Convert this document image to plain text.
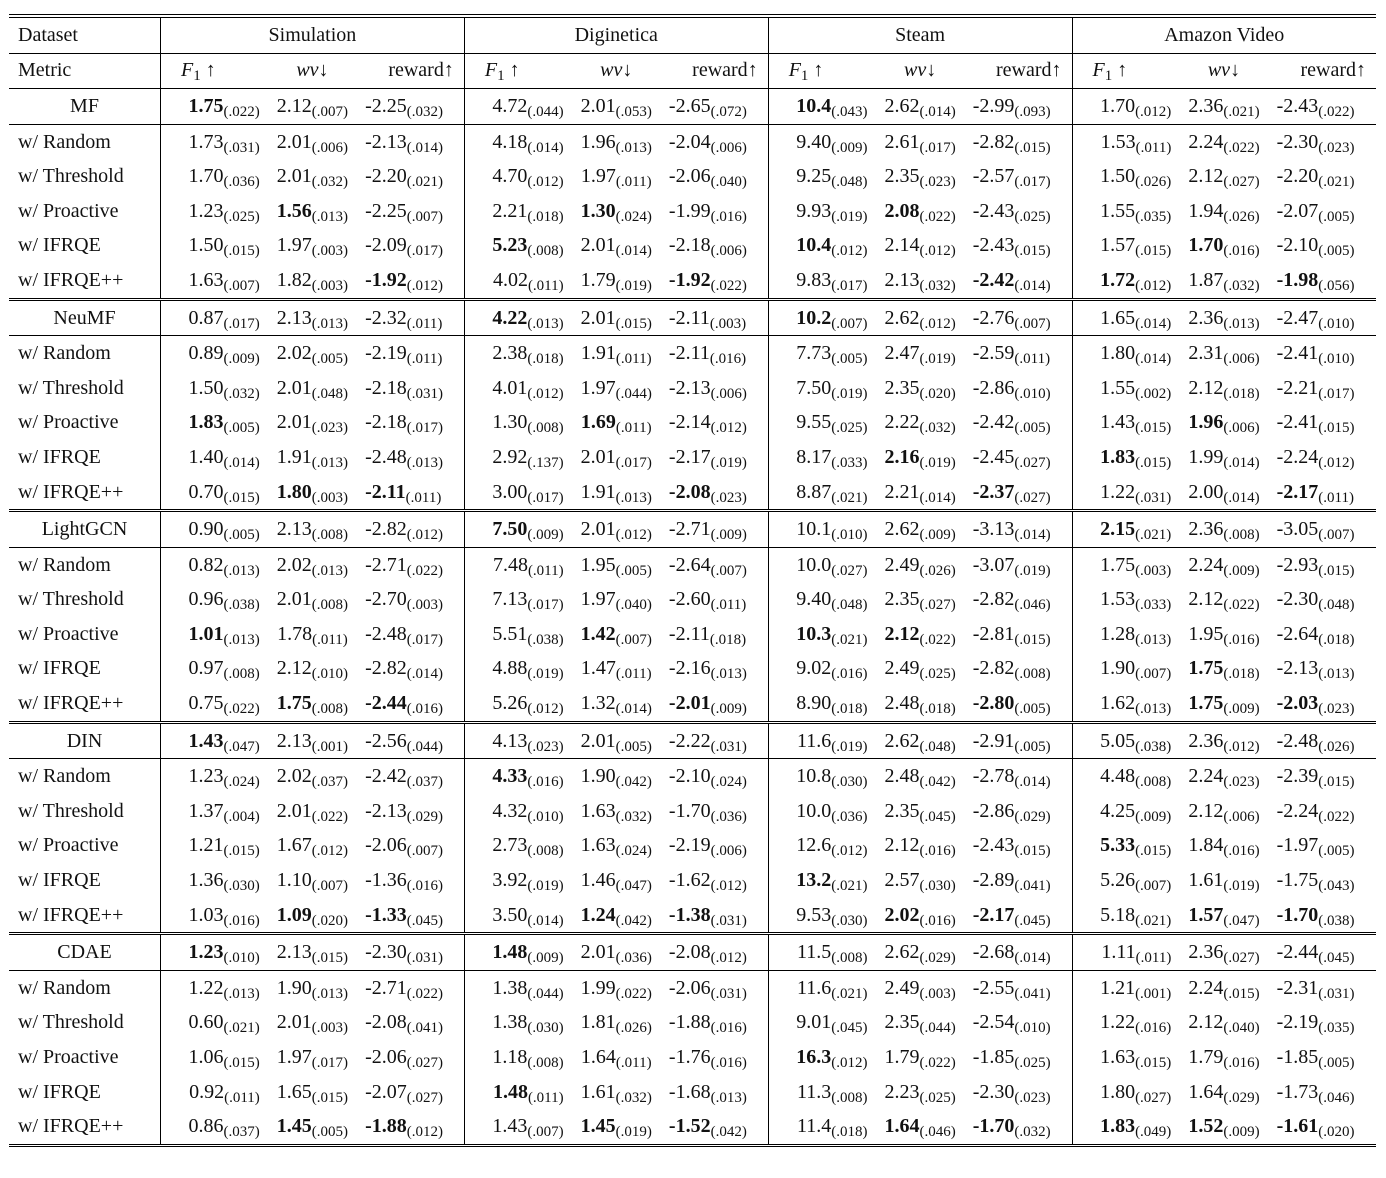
Dataset	Simulation			Diginetica			Steam			Amazon Video		
Metric	$F_1$ ↑	wv↓	reward↑	$F_1$ ↑	wv↓	reward↑	$F_1$ ↑	wv↓	reward↑	$F_1$ ↑	wv↓	reward↑
MF	$1.75_{(.022)}$	$2.12_{(.007)}$	$-2.25_{(.032)}$	$4.72_{(.044)}$	$2.01_{(.053)}$	$-2.65_{(.072)}$	$10.4_{(.043)}$	$2.62_{(.014)}$	$-2.99_{(.093)}$	$1.70_{(.012)}$	$2.36_{(.021)}$	$-2.43_{(.022)}$
w/ Random	$1.73_{(.031)}$	$2.01_{(.006)}$	$-2.13_{(.014)}$	$4.18_{(.014)}$	$1.96_{(.013)}$	$-2.04_{(.006)}$	$9.40_{(.009)}$	$2.61_{(.017)}$	$-2.82_{(.015)}$	$1.53_{(.011)}$	$2.24_{(.022)}$	$-2.30_{(.023)}$
w/ Threshold	$1.70_{(.036)}$	$2.01_{(.032)}$	$-2.20_{(.021)}$	$4.70_{(.012)}$	$1.97_{(.011)}$	$-2.06_{(.040)}$	$9.25_{(.048)}$	$2.35_{(.023)}$	$-2.57_{(.017)}$	$1.50_{(.026)}$	$2.12_{(.027)}$	$-2.20_{(.021)}$
w/ Proactive	$1.23_{(.025)}$	$1.56_{(.013)}$	$-2.25_{(.007)}$	$2.21_{(.018)}$	$1.30_{(.024)}$	$-1.99_{(.016)}$	$9.93_{(.019)}$	$2.08_{(.022)}$	$-2.43_{(.025)}$	$1.55_{(.035)}$	$1.94_{(.026)}$	$-2.07_{(.005)}$
w/ IFRQE	$1.50_{(.015)}$	$1.97_{(.003)}$	$-2.09_{(.017)}$	$5.23_{(.008)}$	$2.01_{(.014)}$	$-2.18_{(.006)}$	$10.4_{(.012)}$	$2.14_{(.012)}$	$-2.43_{(.015)}$	$1.57_{(.015)}$	$1.70_{(.016)}$	$-2.10_{(.005)}$
w/ IFRQE++	$1.63_{(.007)}$	$1.82_{(.003)}$	$-1.92_{(.012)}$	$4.02_{(.011)}$	$1.79_{(.019)}$	$-1.92_{(.022)}$	$9.83_{(.017)}$	$2.13_{(.032)}$	$-2.42_{(.014)}$	$1.72_{(.012)}$	$1.87_{(.032)}$	$-1.98_{(.056)}$
NeuMF	$0.87_{(.017)}$	$2.13_{(.013)}$	$-2.32_{(.011)}$	$4.22_{(.013)}$	$2.01_{(.015)}$	$-2.11_{(.003)}$	$10.2_{(.007)}$	$2.62_{(.012)}$	$-2.76_{(.007)}$	$1.65_{(.014)}$	$2.36_{(.013)}$	$-2.47_{(.010)}$
w/ Random	$0.89_{(.009)}$	$2.02_{(.005)}$	$-2.19_{(.011)}$	$2.38_{(.018)}$	$1.91_{(.011)}$	$-2.11_{(.016)}$	$7.73_{(.005)}$	$2.47_{(.019)}$	$-2.59_{(.011)}$	$1.80_{(.014)}$	$2.31_{(.006)}$	$-2.41_{(.010)}$
w/ Threshold	$1.50_{(.032)}$	$2.01_{(.048)}$	$-2.18_{(.031)}$	$4.01_{(.012)}$	$1.97_{(.044)}$	$-2.13_{(.006)}$	$7.50_{(.019)}$	$2.35_{(.020)}$	$-2.86_{(.010)}$	$1.55_{(.002)}$	$2.12_{(.018)}$	$-2.21_{(.017)}$
w/ Proactive	$1.83_{(.005)}$	$2.01_{(.023)}$	$-2.18_{(.017)}$	$1.30_{(.008)}$	$1.69_{(.011)}$	$-2.14_{(.012)}$	$9.55_{(.025)}$	$2.22_{(.032)}$	$-2.42_{(.005)}$	$1.43_{(.015)}$	$1.96_{(.006)}$	$-2.41_{(.015)}$
w/ IFRQE	$1.40_{(.014)}$	$1.91_{(.013)}$	$-2.48_{(.013)}$	$2.92_{(.137)}$	$2.01_{(.017)}$	$-2.17_{(.019)}$	$8.17_{(.033)}$	$2.16_{(.019)}$	$-2.45_{(.027)}$	$1.83_{(.015)}$	$1.99_{(.014)}$	$-2.24_{(.012)}$
w/ IFRQE++	$0.70_{(.015)}$	$1.80_{(.003)}$	$-2.11_{(.011)}$	$3.00_{(.017)}$	$1.91_{(.013)}$	$-2.08_{(.023)}$	$8.87_{(.021)}$	$2.21_{(.014)}$	$-2.37_{(.027)}$	$1.22_{(.031)}$	$2.00_{(.014)}$	$-2.17_{(.011)}$
LightGCN	$0.90_{(.005)}$	$2.13_{(.008)}$	$-2.82_{(.012)}$	$7.50_{(.009)}$	$2.01_{(.012)}$	$-2.71_{(.009)}$	$10.1_{(.010)}$	$2.62_{(.009)}$	$-3.13_{(.014)}$	$2.15_{(.021)}$	$2.36_{(.008)}$	$-3.05_{(.007)}$
w/ Random	$0.82_{(.013)}$	$2.02_{(.013)}$	$-2.71_{(.022)}$	$7.48_{(.011)}$	$1.95_{(.005)}$	$-2.64_{(.007)}$	$10.0_{(.027)}$	$2.49_{(.026)}$	$-3.07_{(.019)}$	$1.75_{(.003)}$	$2.24_{(.009)}$	$-2.93_{(.015)}$
w/ Threshold	$0.96_{(.038)}$	$2.01_{(.008)}$	$-2.70_{(.003)}$	$7.13_{(.017)}$	$1.97_{(.040)}$	$-2.60_{(.011)}$	$9.40_{(.048)}$	$2.35_{(.027)}$	$-2.82_{(.046)}$	$1.53_{(.033)}$	$2.12_{(.022)}$	$-2.30_{(.048)}$
w/ Proactive	$1.01_{(.013)}$	$1.78_{(.011)}$	$-2.48_{(.017)}$	$5.51_{(.038)}$	$1.42_{(.007)}$	$-2.11_{(.018)}$	$10.3_{(.021)}$	$2.12_{(.022)}$	$-2.81_{(.015)}$	$1.28_{(.013)}$	$1.95_{(.016)}$	$-2.64_{(.018)}$
w/ IFRQE	$0.97_{(.008)}$	$2.12_{(.010)}$	$-2.82_{(.014)}$	$4.88_{(.019)}$	$1.47_{(.011)}$	$-2.16_{(.013)}$	$9.02_{(.016)}$	$2.49_{(.025)}$	$-2.82_{(.008)}$	$1.90_{(.007)}$	$1.75_{(.018)}$	$-2.13_{(.013)}$
w/ IFRQE++	$0.75_{(.022)}$	$1.75_{(.008)}$	$-2.44_{(.016)}$	$5.26_{(.012)}$	$1.32_{(.014)}$	$-2.01_{(.009)}$	$8.90_{(.018)}$	$2.48_{(.018)}$	$-2.80_{(.005)}$	$1.62_{(.013)}$	$1.75_{(.009)}$	$-2.03_{(.023)}$
DIN	$1.43_{(.047)}$	$2.13_{(.001)}$	$-2.56_{(.044)}$	$4.13_{(.023)}$	$2.01_{(.005)}$	$-2.22_{(.031)}$	$11.6_{(.019)}$	$2.62_{(.048)}$	$-2.91_{(.005)}$	$5.05_{(.038)}$	$2.36_{(.012)}$	$-2.48_{(.026)}$
w/ Random	$1.23_{(.024)}$	$2.02_{(.037)}$	$-2.42_{(.037)}$	$4.33_{(.016)}$	$1.90_{(.042)}$	$-2.10_{(.024)}$	$10.8_{(.030)}$	$2.48_{(.042)}$	$-2.78_{(.014)}$	$4.48_{(.008)}$	$2.24_{(.023)}$	$-2.39_{(.015)}$
w/ Threshold	$1.37_{(.004)}$	$2.01_{(.022)}$	$-2.13_{(.029)}$	$4.32_{(.010)}$	$1.63_{(.032)}$	$-1.70_{(.036)}$	$10.0_{(.036)}$	$2.35_{(.045)}$	$-2.86_{(.029)}$	$4.25_{(.009)}$	$2.12_{(.006)}$	$-2.24_{(.022)}$
w/ Proactive	$1.21_{(.015)}$	$1.67_{(.012)}$	$-2.06_{(.007)}$	$2.73_{(.008)}$	$1.63_{(.024)}$	$-2.19_{(.006)}$	$12.6_{(.012)}$	$2.12_{(.016)}$	$-2.43_{(.015)}$	$5.33_{(.015)}$	$1.84_{(.016)}$	$-1.97_{(.005)}$
w/ IFRQE	$1.36_{(.030)}$	$1.10_{(.007)}$	$-1.36_{(.016)}$	$3.92_{(.019)}$	$1.46_{(.047)}$	$-1.62_{(.012)}$	$13.2_{(.021)}$	$2.57_{(.030)}$	$-2.89_{(.041)}$	$5.26_{(.007)}$	$1.61_{(.019)}$	$-1.75_{(.043)}$
w/ IFRQE++	$1.03_{(.016)}$	$1.09_{(.020)}$	$-1.33_{(.045)}$	$3.50_{(.014)}$	$1.24_{(.042)}$	$-1.38_{(.031)}$	$9.53_{(.030)}$	$2.02_{(.016)}$	$-2.17_{(.045)}$	$5.18_{(.021)}$	$1.57_{(.047)}$	$-1.70_{(.038)}$
CDAE	$1.23_{(.010)}$	$2.13_{(.015)}$	$-2.30_{(.031)}$	$1.48_{(.009)}$	$2.01_{(.036)}$	$-2.08_{(.012)}$	$11.5_{(.008)}$	$2.62_{(.029)}$	$-2.68_{(.014)}$	$1.11_{(.011)}$	$2.36_{(.027)}$	$-2.44_{(.045)}$
w/ Random	$1.22_{(.013)}$	$1.90_{(.013)}$	$-2.71_{(.022)}$	$1.38_{(.044)}$	$1.99_{(.022)}$	$-2.06_{(.031)}$	$11.6_{(.021)}$	$2.49_{(.003)}$	$-2.55_{(.041)}$	$1.21_{(.001)}$	$2.24_{(.015)}$	$-2.31_{(.031)}$
w/ Threshold	$0.60_{(.021)}$	$2.01_{(.003)}$	$-2.08_{(.041)}$	$1.38_{(.030)}$	$1.81_{(.026)}$	$-1.88_{(.016)}$	$9.01_{(.045)}$	$2.35_{(.044)}$	$-2.54_{(.010)}$	$1.22_{(.016)}$	$2.12_{(.040)}$	$-2.19_{(.035)}$
w/ Proactive	$1.06_{(.015)}$	$1.97_{(.017)}$	$-2.06_{(.027)}$	$1.18_{(.008)}$	$1.64_{(.011)}$	$-1.76_{(.016)}$	$16.3_{(.012)}$	$1.79_{(.022)}$	$-1.85_{(.025)}$	$1.63_{(.015)}$	$1.79_{(.016)}$	$-1.85_{(.005)}$
w/ IFRQE	$0.92_{(.011)}$	$1.65_{(.015)}$	$-2.07_{(.027)}$	$1.48_{(.011)}$	$1.61_{(.032)}$	$-1.68_{(.013)}$	$11.3_{(.008)}$	$2.23_{(.025)}$	$-2.30_{(.023)}$	$1.80_{(.027)}$	$1.64_{(.029)}$	$-1.73_{(.046)}$
w/ IFRQE++	$0.86_{(.037)}$	$1.45_{(.005)}$	$-1.88_{(.012)}$	$1.43_{(.007)}$	$1.45_{(.019)}$	$-1.52_{(.042)}$	$11.4_{(.018)}$	$1.64_{(.046)}$	$-1.70_{(.032)}$	$1.83_{(.049)}$	$1.52_{(.009)}$	$-1.61_{(.020)}$
